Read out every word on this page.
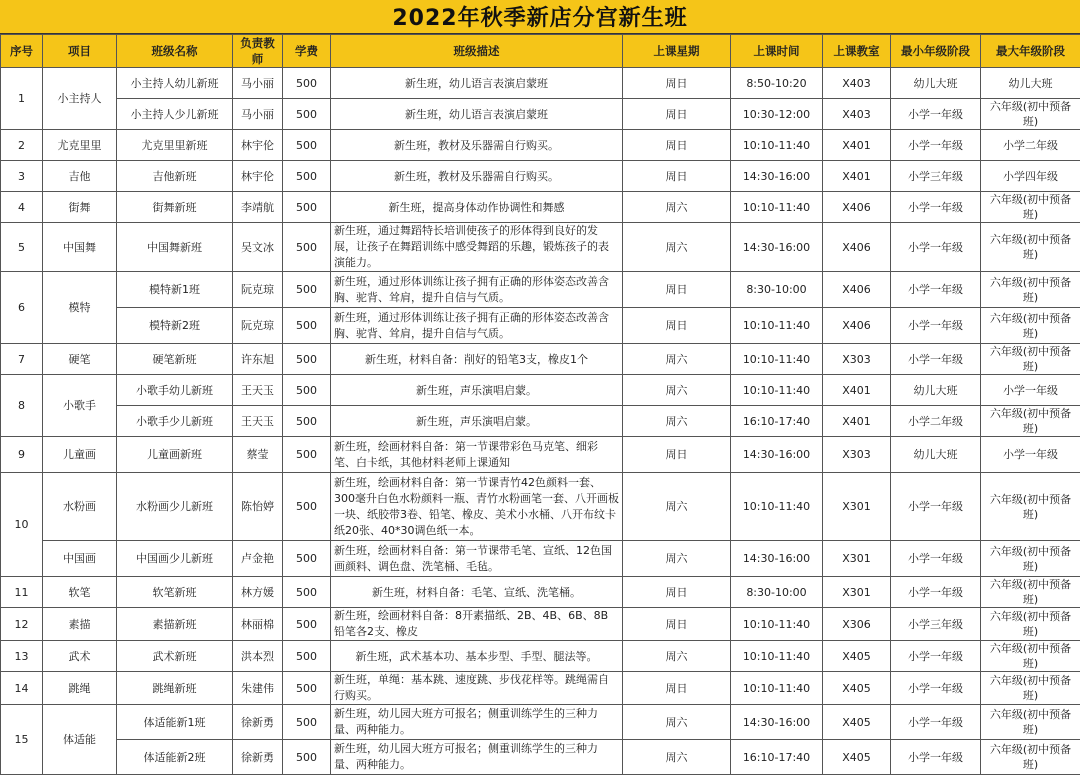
2022年秋季新店分宫新生班
序号	项目	班级名称	负责教师	学费	班级描述	上课星期	上课时间	上课教室	最小年级阶段	最大年级阶段
1	小主持人	小主持人幼儿新班	马小丽	500	新生班，幼儿语言表演启蒙班	周日	8:50-10:20	X403	幼儿大班	幼儿大班
		小主持人少儿新班	马小丽	500	新生班，幼儿语言表演启蒙班	周日	10:30-12:00	X403	小学一年级	六年级(初中预备班)
2	尤克里里	尤克里里新班	林宇伦	500	新生班，教材及乐器需自行购买。	周日	10:10-11:40	X401	小学一年级	小学二年级
3	吉他	吉他新班	林宇伦	500	新生班，教材及乐器需自行购买。	周日	14:30-16:00	X401	小学三年级	小学四年级
4	街舞	街舞新班	李靖航	500	新生班，提高身体动作协调性和舞感	周六	10:10-11:40	X406	小学一年级	六年级(初中预备班)
5	中国舞	中国舞新班	吴文冰	500	新生班，通过舞蹈特长培训使孩子的形体得到良好的发展，让孩子在舞蹈训练中感受舞蹈的乐趣，锻炼孩子的表演能力。	周六	14:30-16:00	X406	小学一年级	六年级(初中预备班)
6	模特	模特新1班	阮克琼	500	新生班，通过形体训练让孩子拥有正确的形体姿态改善含胸、驼背、耸肩，提升自信与气质。	周日	8:30-10:00	X406	小学一年级	六年级(初中预备班)
		模特新2班	阮克琼	500	新生班，通过形体训练让孩子拥有正确的形体姿态改善含胸、驼背、耸肩，提升自信与气质。	周日	10:10-11:40	X406	小学一年级	六年级(初中预备班)
7	硬笔	硬笔新班	许东旭	500	新生班，材料自备：削好的铅笔3支，橡皮1个	周六	10:10-11:40	X303	小学一年级	六年级(初中预备班)
8	小歌手	小歌手幼儿新班	王天玉	500	新生班，声乐演唱启蒙。	周六	10:10-11:40	X401	幼儿大班	小学一年级
		小歌手少儿新班	王天玉	500	新生班，声乐演唱启蒙。	周六	16:10-17:40	X401	小学二年级	六年级(初中预备班)
9	儿童画	儿童画新班	蔡莹	500	新生班，绘画材料自备：第一节课带彩色马克笔、细彩笔、白卡纸，其他材料老师上课通知	周日	14:30-16:00	X303	幼儿大班	小学一年级
10	水粉画	水粉画少儿新班	陈怡婷	500	新生班，绘画材料自备：第一节课青竹42色颜料一套、300毫升白色水粉颜料一瓶、青竹水粉画笔一套、八开画板一块、纸胶带3卷、铅笔、橡皮、美术小水桶、八开布纹卡纸20张、40*30调色纸一本。	周六	10:10-11:40	X301	小学一年级	六年级(初中预备班)
	中国画	中国画少儿新班	卢金艳	500	新生班，绘画材料自备：第一节课带毛笔、宣纸、12色国画颜料、调色盘、洗笔桶、毛毡。	周六	14:30-16:00	X301	小学一年级	六年级(初中预备班)
11	软笔	软笔新班	林方媛	500	新生班，材料自备：毛笔、宣纸、洗笔桶。	周日	8:30-10:00	X301	小学一年级	六年级(初中预备班)
12	素描	素描新班	林丽棉	500	新生班，绘画材料自备：8开素描纸、2B、4B、6B、8B铅笔各2支、橡皮	周日	10:10-11:40	X306	小学三年级	六年级(初中预备班)
13	武术	武术新班	洪本烈	500	新生班，武术基本功、基本步型、手型、腿法等。	周六	10:10-11:40	X405	小学一年级	六年级(初中预备班)
14	跳绳	跳绳新班	朱建伟	500	新生班，单绳：基本跳、速度跳、步伐花样等。跳绳需自行购买。	周日	10:10-11:40	X405	小学一年级	六年级(初中预备班)
15	体适能	体适能新1班	徐新勇	500	新生班，幼儿园大班方可报名；侧重训练学生的三种力量、两种能力。	周六	14:30-16:00	X405	小学一年级	六年级(初中预备班)
		体适能新2班	徐新勇	500	新生班，幼儿园大班方可报名；侧重训练学生的三种力量、两种能力。	周六	16:10-17:40	X405	小学一年级	六年级(初中预备班)
